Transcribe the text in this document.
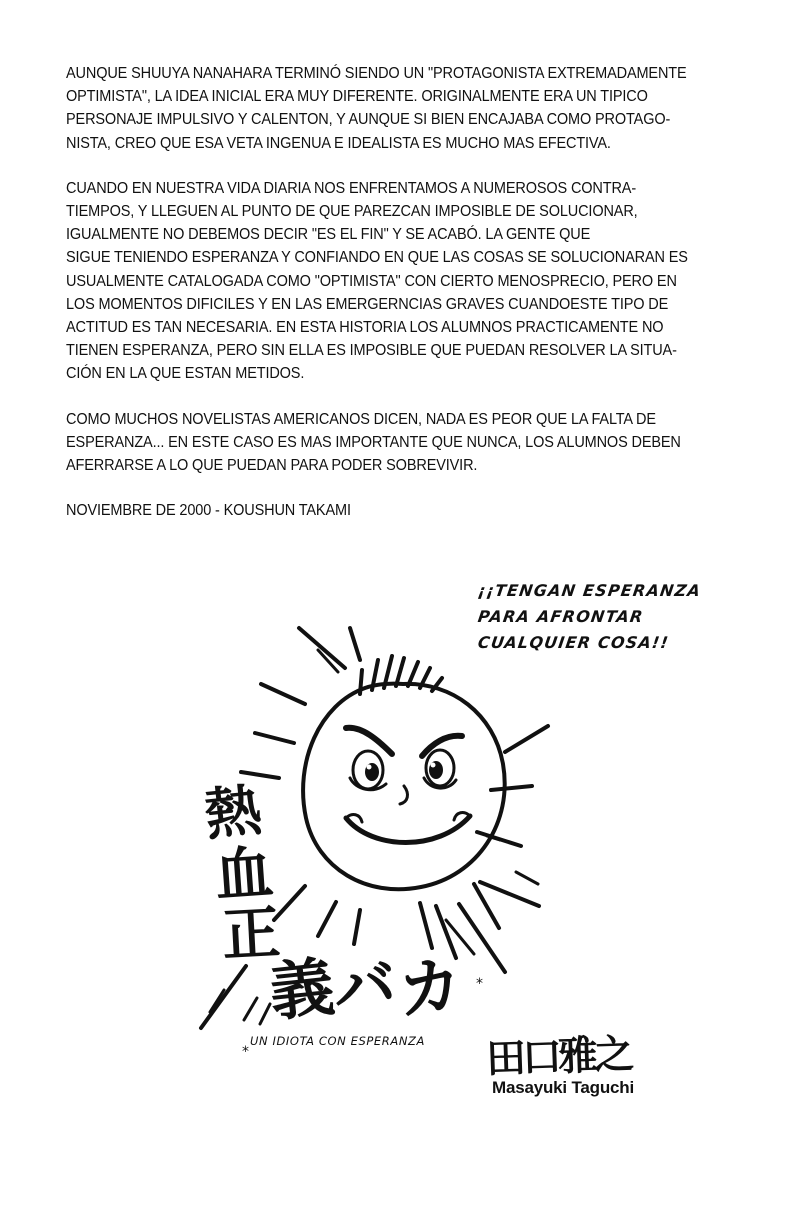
AUNQUE SHUUYA NANAHARA TERMINÓ SIENDO UN "PROTAGONISTA EXTREMADAMENTE
OPTIMISTA", LA IDEA INICIAL ERA MUY DIFERENTE. ORIGINALMENTE ERA UN TIPICO
PERSONAJE IMPULSIVO Y CALENTON, Y AUNQUE SI BIEN ENCAJABA COMO PROTAGO-
NISTA, CREO QUE ESA VETA INGENUA E IDEALISTA ES MUCHO MAS EFECTIVA.

CUANDO EN NUESTRA VIDA DIARIA NOS ENFRENTAMOS A NUMEROSOS CONTRA-
TIEMPOS, Y LLEGUEN AL PUNTO DE QUE PAREZCAN IMPOSIBLE DE SOLUCIONAR,
IGUALMENTE NO DEBEMOS DECIR "ES EL FIN" Y SE ACABÓ. LA GENTE QUE
SIGUE TENIENDO ESPERANZA Y CONFIANDO EN QUE LAS COSAS SE SOLUCIONARAN ES
USUALMENTE CATALOGADA COMO "OPTIMISTA" CON CIERTO MENOSPRECIO, PERO EN
LOS MOMENTOS DIFICILES Y EN LAS EMERGERNCIAS GRAVES CUANDOESTE TIPO DE
ACTITUD ES TAN NECESARIA. EN ESTA HISTORIA LOS ALUMNOS PRACTICAMENTE NO
TIENEN ESPERANZA, PERO SIN ELLA ES IMPOSIBLE QUE PUEDAN RESOLVER LA SITUA-
CIÓN EN LA QUE ESTAN METIDOS.

COMO MUCHOS NOVELISTAS AMERICANOS DICEN, NADA ES PEOR QUE LA FALTA DE
ESPERANZA... EN ESTE CASO ES MAS IMPORTANTE QUE NUNCA, LOS ALUMNOS DEBEN
AFERRARSE A LO QUE PUEDAN PARA PODER SOBREVIVIR.

NOVIEMBRE DE 2000 - KOUSHUN TAKAMI

熱
血
正
義
バ
カ
田口雅之
¡¡TENGAN ESPERANZA
PARA AFRONTAR
CUALQUIER COSA!!
*
*
UN IDIOTA CON ESPERANZA
Masayuki Taguchi
